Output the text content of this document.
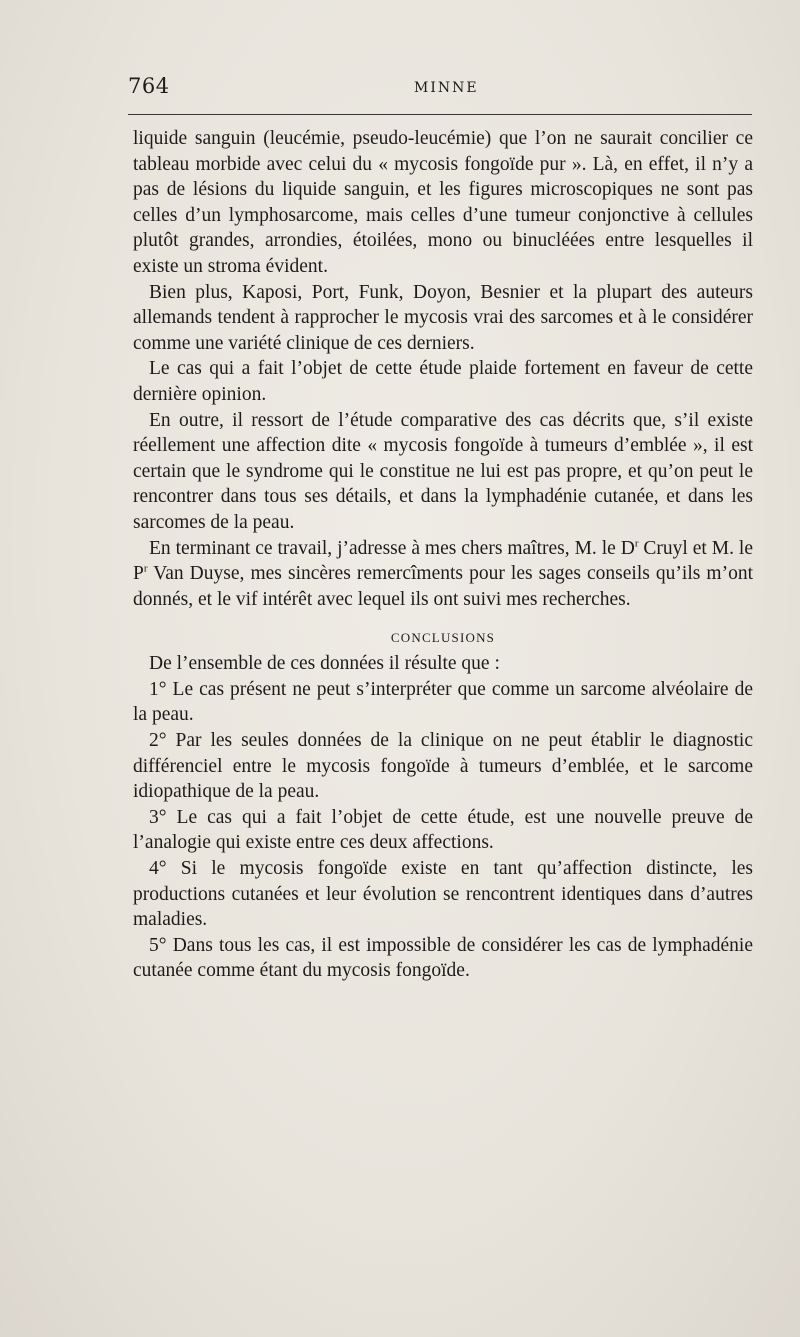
764	MINNE

liquide sanguin (leucémie, pseudo-leucémie) que l’on ne saurait concilier ce tableau morbide avec celui du « mycosis fongoïde pur ». Là, en effet, il n’y a pas de lésions du liquide sanguin, et les figures microscopiques ne sont pas celles d’un lymphosarcome, mais celles d’une tumeur conjonctive à cellules plutôt grandes, arrondies, étoilées, mono ou binucléées entre lesquelles il existe un stroma évident.

Bien plus, Kaposi, Port, Funk, Doyon, Besnier et la plupart des auteurs allemands tendent à rapprocher le mycosis vrai des sarcomes et à le considérer comme une variété clinique de ces derniers.

Le cas qui a fait l’objet de cette étude plaide fortement en faveur de cette dernière opinion.

En outre, il ressort de l’étude comparative des cas décrits que, s’il existe réellement une affection dite « mycosis fongoïde à tumeurs d’emblée », il est certain que le syndrome qui le constitue ne lui est pas propre, et qu’on peut le rencontrer dans tous ses détails, et dans la lymphadénie cutanée, et dans les sarcomes de la peau.

En terminant ce travail, j’adresse à mes chers maîtres, M. le $D^r$ Cruyl et M. le $P^r$ Van Duyse, mes sincères remercîments pour les sages conseils qu’ils m’ont donnés, et le vif intérêt avec lequel ils ont suivi mes recherches.

CONCLUSIONS

De l’ensemble de ces données il résulte que :

1° Le cas présent ne peut s’interpréter que comme un sarcome alvéolaire de la peau.

2° Par les seules données de la clinique on ne peut établir le diagnostic différenciel entre le mycosis fongoïde à tumeurs d’emblée, et le sarcome idiopathique de la peau.

3° Le cas qui a fait l’objet de cette étude, est une nouvelle preuve de l’analogie qui existe entre ces deux affections.

4° Si le mycosis fongoïde existe en tant qu’affection distincte, les productions cutanées et leur évolution se rencontrent identiques dans d’autres maladies.

5° Dans tous les cas, il est impossible de considérer les cas de lymphadénie cutanée comme étant du mycosis fongoïde.
